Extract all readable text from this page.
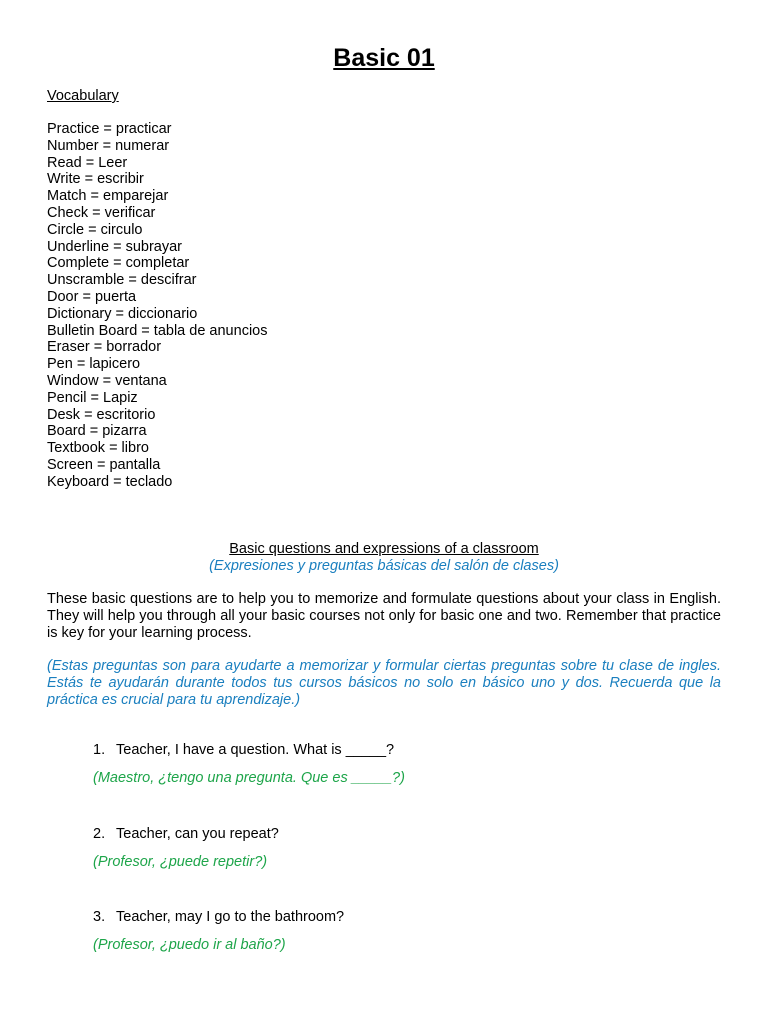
Basic 01

Vocabulary

Practice = practicar
Number = numerar
Read = Leer
Write = escribir
Match = emparejar
Check = verificar
Circle = circulo
Underline = subrayar
Complete = completar
Unscramble = descifrar
Door = puerta
Dictionary = diccionario
Bulletin Board = tabla de anuncios
Eraser = borrador
Pen = lapicero
Window = ventana
Pencil = Lapiz
Desk = escritorio
Board = pizarra
Textbook = libro
Screen = pantalla
Keyboard = teclado
Basic questions and expressions of a classroom
(Expresiones y preguntas básicas del salón de clases)

These basic questions are to help you to memorize and formulate questions about your class in English. They will help you through all your basic courses not only for basic one and two. Remember that practice is key for your learning process.

(Estas preguntas son para ayudarte a memorizar y formular ciertas preguntas sobre tu clase de ingles. Estás te ayudarán durante todos tus cursos básicos no solo en básico uno y dos. Recuerda que la práctica es crucial para tu aprendizaje.)

1. Teacher, I have a question. What is _____?

(Maestro, ¿tengo una pregunta. Que es _____?)

2. Teacher, can you repeat?

(Profesor, ¿puede repetir?)

3. Teacher, may I go to the bathroom?

(Profesor, ¿puedo ir al baño?)
